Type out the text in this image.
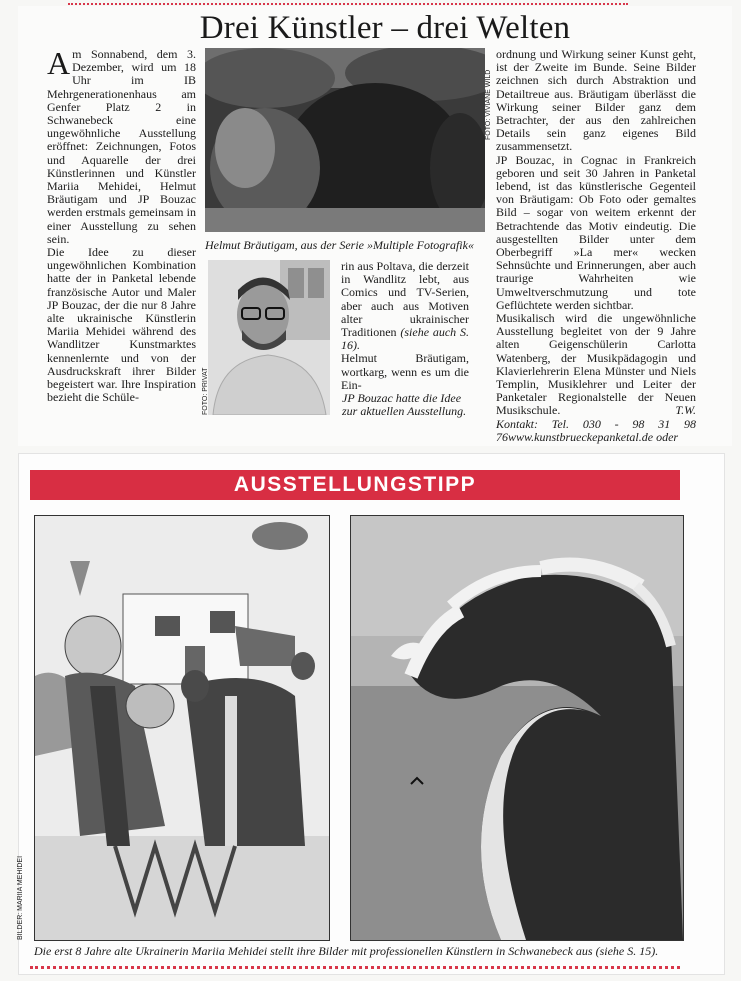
Drei Künstler – drei Welten

Am Sonnabend, dem 3. Dezember, wird um 18 Uhr im IB Mehrgenerationenhaus am Genfer Platz 2 in Schwanebeck eine ungewöhnliche Ausstellung eröffnet: Zeichnungen, Fotos und Aquarelle der drei Künstlerinnen und Künstler Mariia Mehidei, Helmut Bräutigam und JP Bouzac werden erstmals gemeinsam in einer Ausstellung zu sehen sein.

Die Idee zu dieser ungewöhnlichen Kombination hatte der in Panketal lebende französische Autor und Maler JP Bouzac, der die nur 8 Jahre alte ukrainische Künstlerin Mariia Mehidei während des Wandlitzer Kunstmarktes kennenlernte und von der Ausdruckskraft ihrer Bilder begeistert war. Ihre Inspiration bezieht die Schüle-

FOTO: VIVIANE WILD
Helmut Bräutigam, aus der Serie »Multiple Fotografik«
FOTO: PRIVAT

rin aus Poltava, die derzeit in Wandlitz lebt, aus Comics und TV-Serien, aber auch aus Motiven alter ukrainischer Traditionen (siehe auch S. 16).

Helmut Bräutigam, wortkarg, wenn es um die Ein-

JP Bouzac hatte die Idee zur aktuellen Ausstellung.

ordnung und Wirkung seiner Kunst geht, ist der Zweite im Bunde. Seine Bilder zeichnen sich durch Abstraktion und Detailtreue aus. Bräutigam überlässt die Wirkung seiner Bilder ganz dem Betrachter, der aus den zahlreichen Details sein ganz eigenes Bild zusammensetzt.

JP Bouzac, in Cognac in Frankreich geboren und seit 30 Jahren in Panketal lebend, ist das künstlerische Gegenteil von Bräutigam: Ob Foto oder gemaltes Bild – sogar von weitem erkennt der Betrachtende das Motiv eindeutig. Die ausgestellten Bilder unter dem Oberbegriff »La mer« wecken Sehnsüchte und Erinnerungen, aber auch traurige Wahrheiten wie Umweltverschmutzung und tote Geflüchtete werden sichtbar.

Musikalisch wird die ungewöhnliche Ausstellung begleitet von der 9 Jahre alten Geigenschülerin Carlotta Watenberg, der Musikpädagogin und Klavierlehrerin Elena Münster und Niels Templin, Musiklehrer und Leiter der Panketaler Regionalstelle der Neuen Musikschule.	T.W.

Kontakt: Tel. 030 - 98 31 98 76www.kunstbrueckepanketal.de oder

AUSSTELLUNGSTIPP
BILDER: MARIIA MEHIDEI
Die erst 8 Jahre alte Ukrainerin Mariia Mehidei stellt ihre Bilder mit professionellen Künstlern in Schwanebeck aus (siehe S. 15).
